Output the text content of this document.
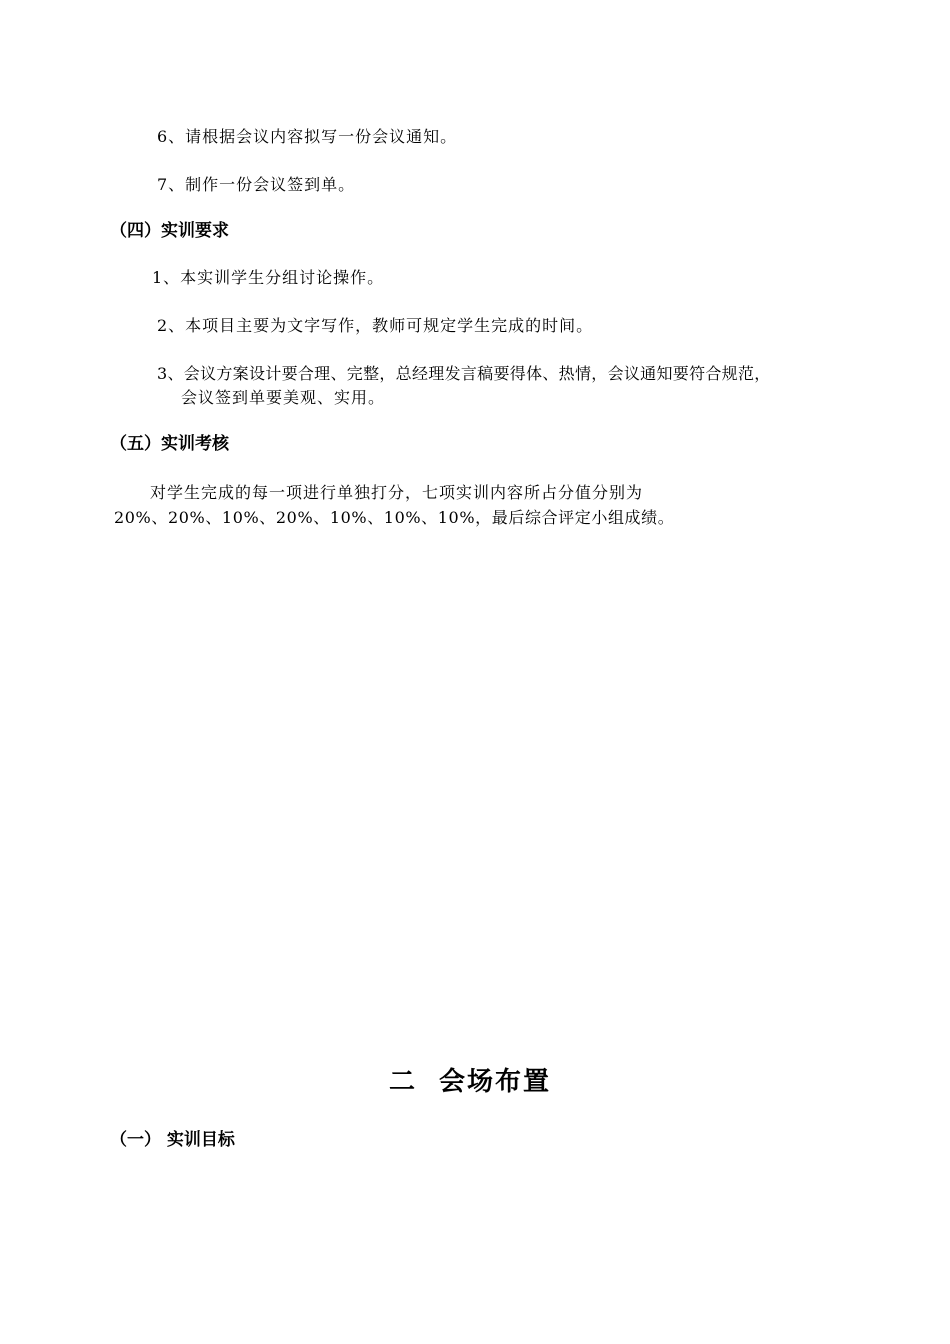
6、请根据会议内容拟写一份会议通知。
7、制作一份会议签到单。
（四）实训要求
1、本实训学生分组讨论操作。
2、本项目主要为文字写作，教师可规定学生完成的时间。
3、会议方案设计要合理、完整，总经理发言稿要得体、热情，会议通知要符合规范，
会议签到单要美观、实用。
（五）实训考核
对学生完成的每一项进行单独打分，七项实训内容所占分值分别为
20%、20%、10%、20%、10%、10%、10%，最后综合评定小组成绩。
二 会场布置
（一） 实训目标
